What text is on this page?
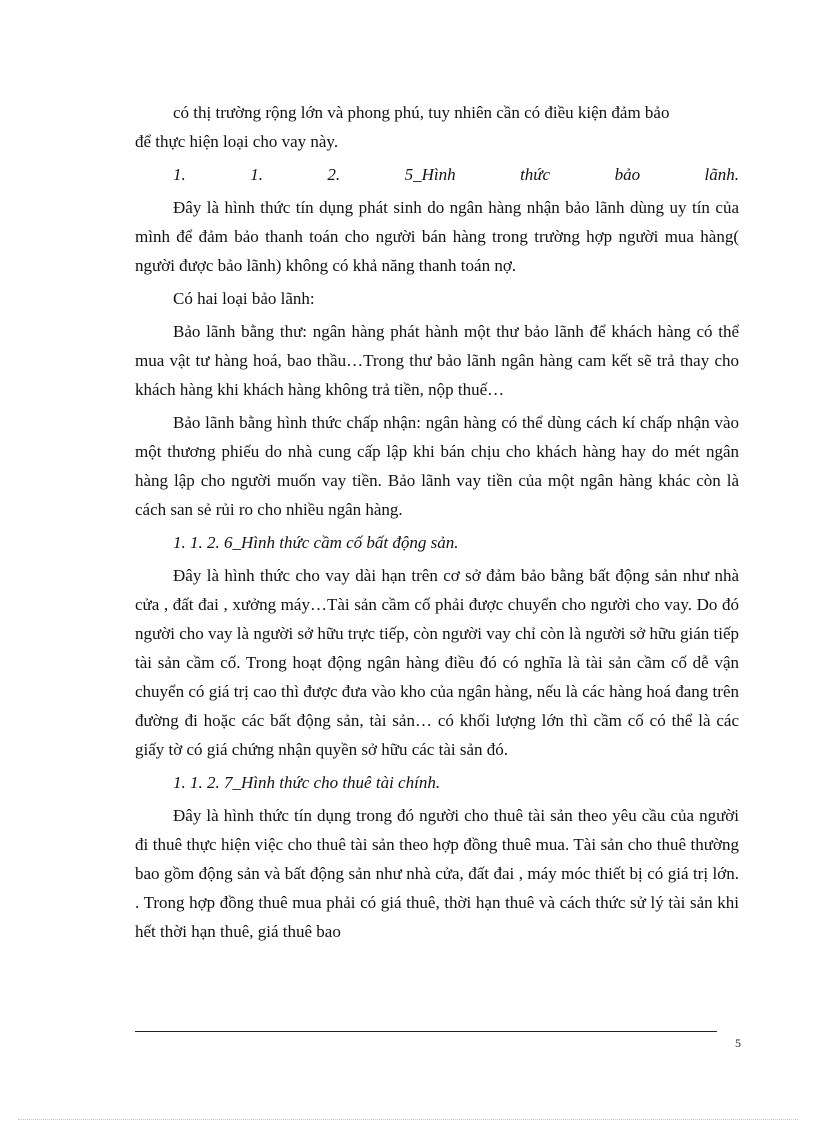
có thị trường rộng lớn và phong phú, tuy nhiên cần có điều kiện đảm bảo

để thực hiện loại cho vay này.

1.	1.	2.	5_Hình	thức	bảo	lãnh.

Đây là hình thức tín dụng phát sinh do ngân hàng nhận bảo lãnh dùng uy tín của mình để đảm bảo thanh toán cho người bán hàng trong trường hợp người mua hàng( người được bảo lãnh) không có khả năng thanh toán nợ.

Có hai loại bảo lãnh:

Bảo lãnh bằng thư: ngân hàng phát hành một thư bảo lãnh để khách hàng có thể mua vật tư hàng hoá, bao thầu…Trong thư bảo lãnh ngân hàng cam kết sẽ trả thay cho khách hàng khi khách hàng không trả tiền, nộp thuế…

Bảo lãnh bằng hình thức chấp nhận: ngân hàng có thể dùng cách kí chấp nhận vào một thương phiếu do nhà cung cấp lập khi bán chịu cho khách hàng hay do mét ngân hàng lập cho người muốn vay tiền. Bảo lãnh vay tiền của một ngân hàng khác còn là cách san sẻ rủi ro cho nhiều ngân hàng.

1. 1. 2. 6_Hình thức cầm cố bất động sản.

Đây là hình thức cho vay dài hạn trên cơ sở đảm bảo bằng bất động sản như nhà cửa , đất đai , xưởng máy…Tài sản cầm cố phải được chuyển cho người cho vay. Do đó người cho vay là người sở hữu trực tiếp, còn người vay chỉ còn là người sở hữu gián tiếp tài sản cầm cố. Trong hoạt động ngân hàng điều đó có nghĩa là tài sản cầm cố dễ vận chuyển có giá trị cao thì được đưa vào kho của ngân hàng, nếu là các hàng hoá đang trên đường đi hoặc các bất động sản, tài sản… có khối lượng lớn thì cầm cố có thể là các giấy tờ có giá chứng nhận quyền sở hữu các tài sản đó.

1. 1. 2. 7_Hình thức cho thuê tài chính.

Đây là hình thức tín dụng trong đó người cho thuê tài sản theo yêu cầu của người đi thuê thực hiện việc cho thuê tài sản theo hợp đồng thuê mua. Tài sản cho thuê thường bao gồm động sản và bất động sản như nhà cửa, đất đai , máy móc thiết bị có giá trị lớn. . Trong hợp đồng thuê mua phải có giá thuê, thời hạn thuê và cách thức sử lý tài sản khi hết thời hạn thuê, giá thuê bao

5
